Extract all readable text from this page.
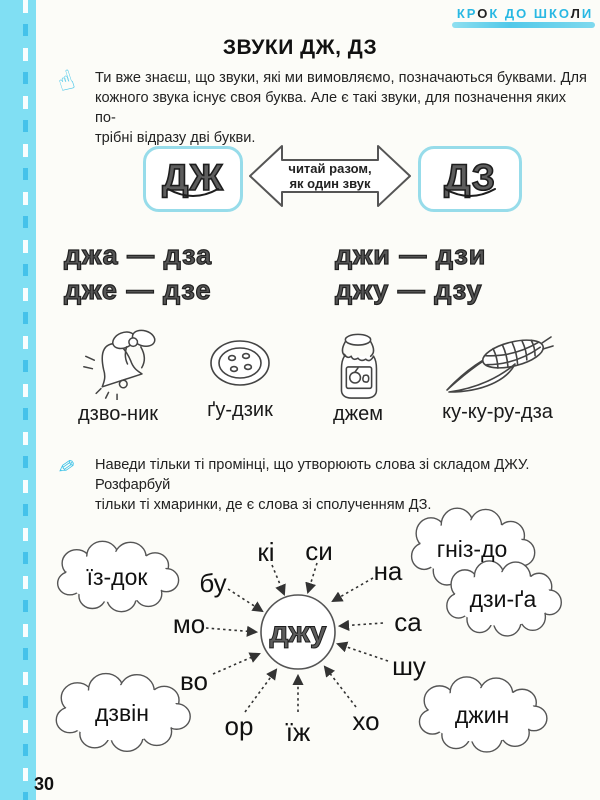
КРОК ДО ШКОЛИ
ЗВУКИ ДЖ, ДЗ
☝ Ти вже знаєш, що звуки, які ми вимовляємо, позначаються буквами. Для
кожного звука існує своя буква. Але є такі звуки, для позначення яких по-
трібні відразу дві букви.
ДЖ	читай разом,
як один звук ДЗ
джа — дза
дже — дзе
джи — дзи
джу — дзу
дзво-ник ґу-дзик	джем	ку-ку-ру-дза
✏ Наведи тільки ті промінці, що утворюють слова зі складом ДЖУ. Розфарбуй
тільки ті хмаринки, де є слова зі сполученням ДЗ.
їз-док
гніз-до
дзи-ґа
дзвін	джин
кі си
на
бу
мо	са
во	шу
ор їж хо
джу
30
